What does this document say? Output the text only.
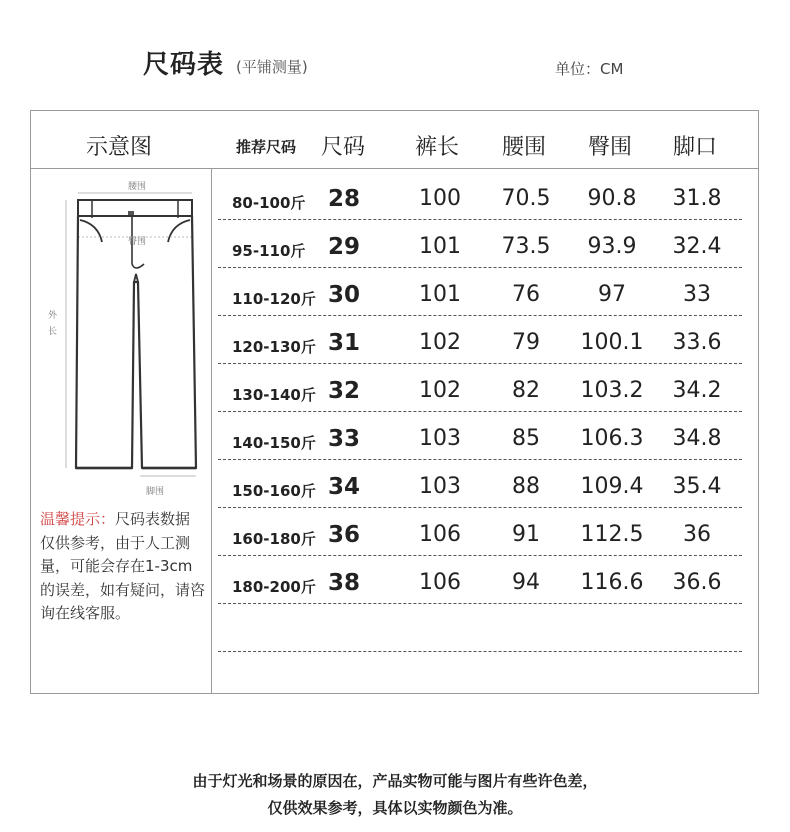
尺码表 (平铺测量)	单位：CM
示意图	推荐尺码 尺码 裤长 腰围 臀围 脚口
腰围
臀围
脚围
外
长
温馨提示：尺码表数据仅供参考，由于人工测量，可能会存在1-3cm的误差，如有疑问，请咨询在线客服。
80-100斤 28	100 70.5 90.8 31.8
95-110斤 29	101 73.5 93.9 32.4
110-120斤 30	101 76	97	33
120-130斤 31	102 79 100.1 33.6
130-140斤 32	102 82 103.2 34.2
140-150斤 33	103 85 106.3 34.8
150-160斤 34	103 88 109.4 35.4
160-180斤 36	106 91 112.5 36
180-200斤 38	106 94 116.6 36.6
由于灯光和场景的原因在，产品实物可能与图片有些许色差，
仅供效果参考，具体以实物颜色为准。
